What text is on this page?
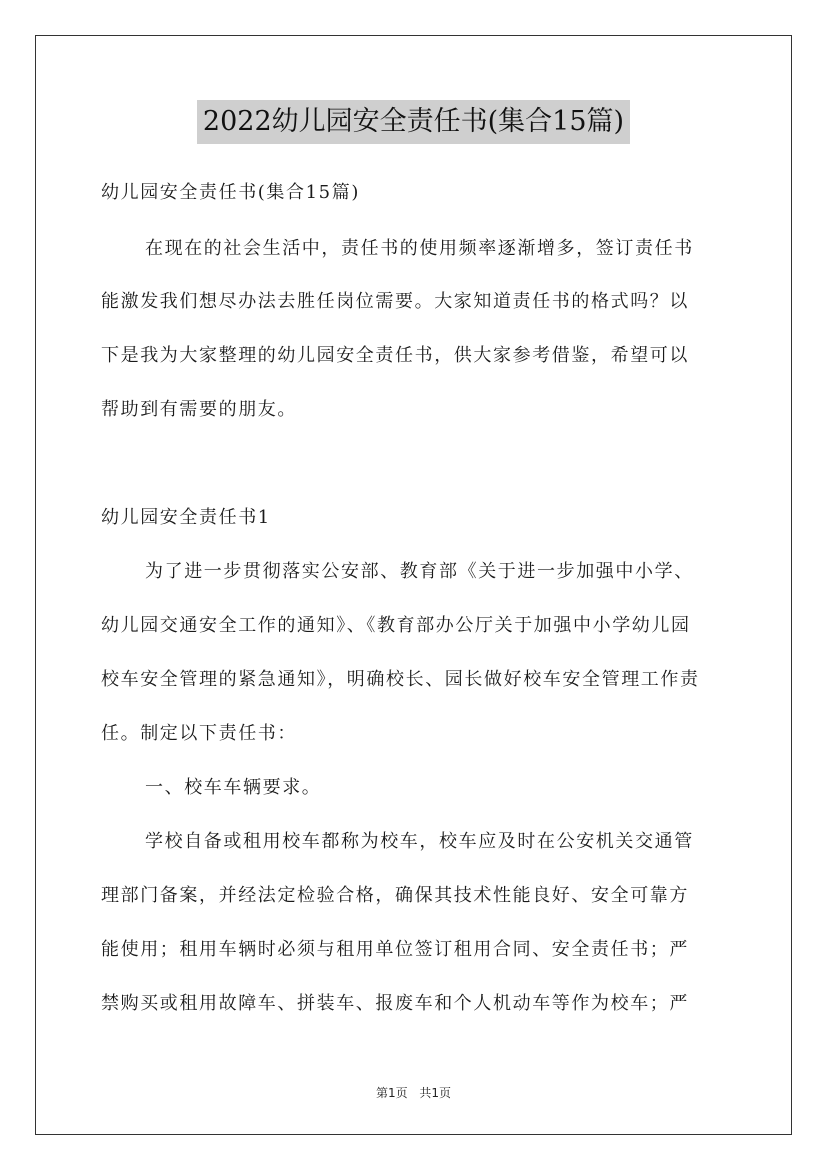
2022幼儿园安全责任书(集合15篇)
幼儿园安全责任书(集合15篇)
在现在的社会生活中，责任书的使用频率逐渐增多，签订责任书
能激发我们想尽办法去胜任岗位需要。大家知道责任书的格式吗？以
下是我为大家整理的幼儿园安全责任书，供大家参考借鉴，希望可以
帮助到有需要的朋友。
幼儿园安全责任书1
为了进一步贯彻落实公安部、教育部《关于进一步加强中小学、
幼儿园交通安全工作的通知》、《教育部办公厅关于加强中小学幼儿园
校车安全管理的紧急通知》，明确校长、园长做好校车安全管理工作责
任。制定以下责任书：
一、校车车辆要求。
学校自备或租用校车都称为校车，校车应及时在公安机关交通管
理部门备案，并经法定检验合格，确保其技术性能良好、安全可靠方
能使用；租用车辆时必须与租用单位签订租用合同、安全责任书；严
禁购买或租用故障车、拼装车、报废车和个人机动车等作为校车；严
第1页 共1页
